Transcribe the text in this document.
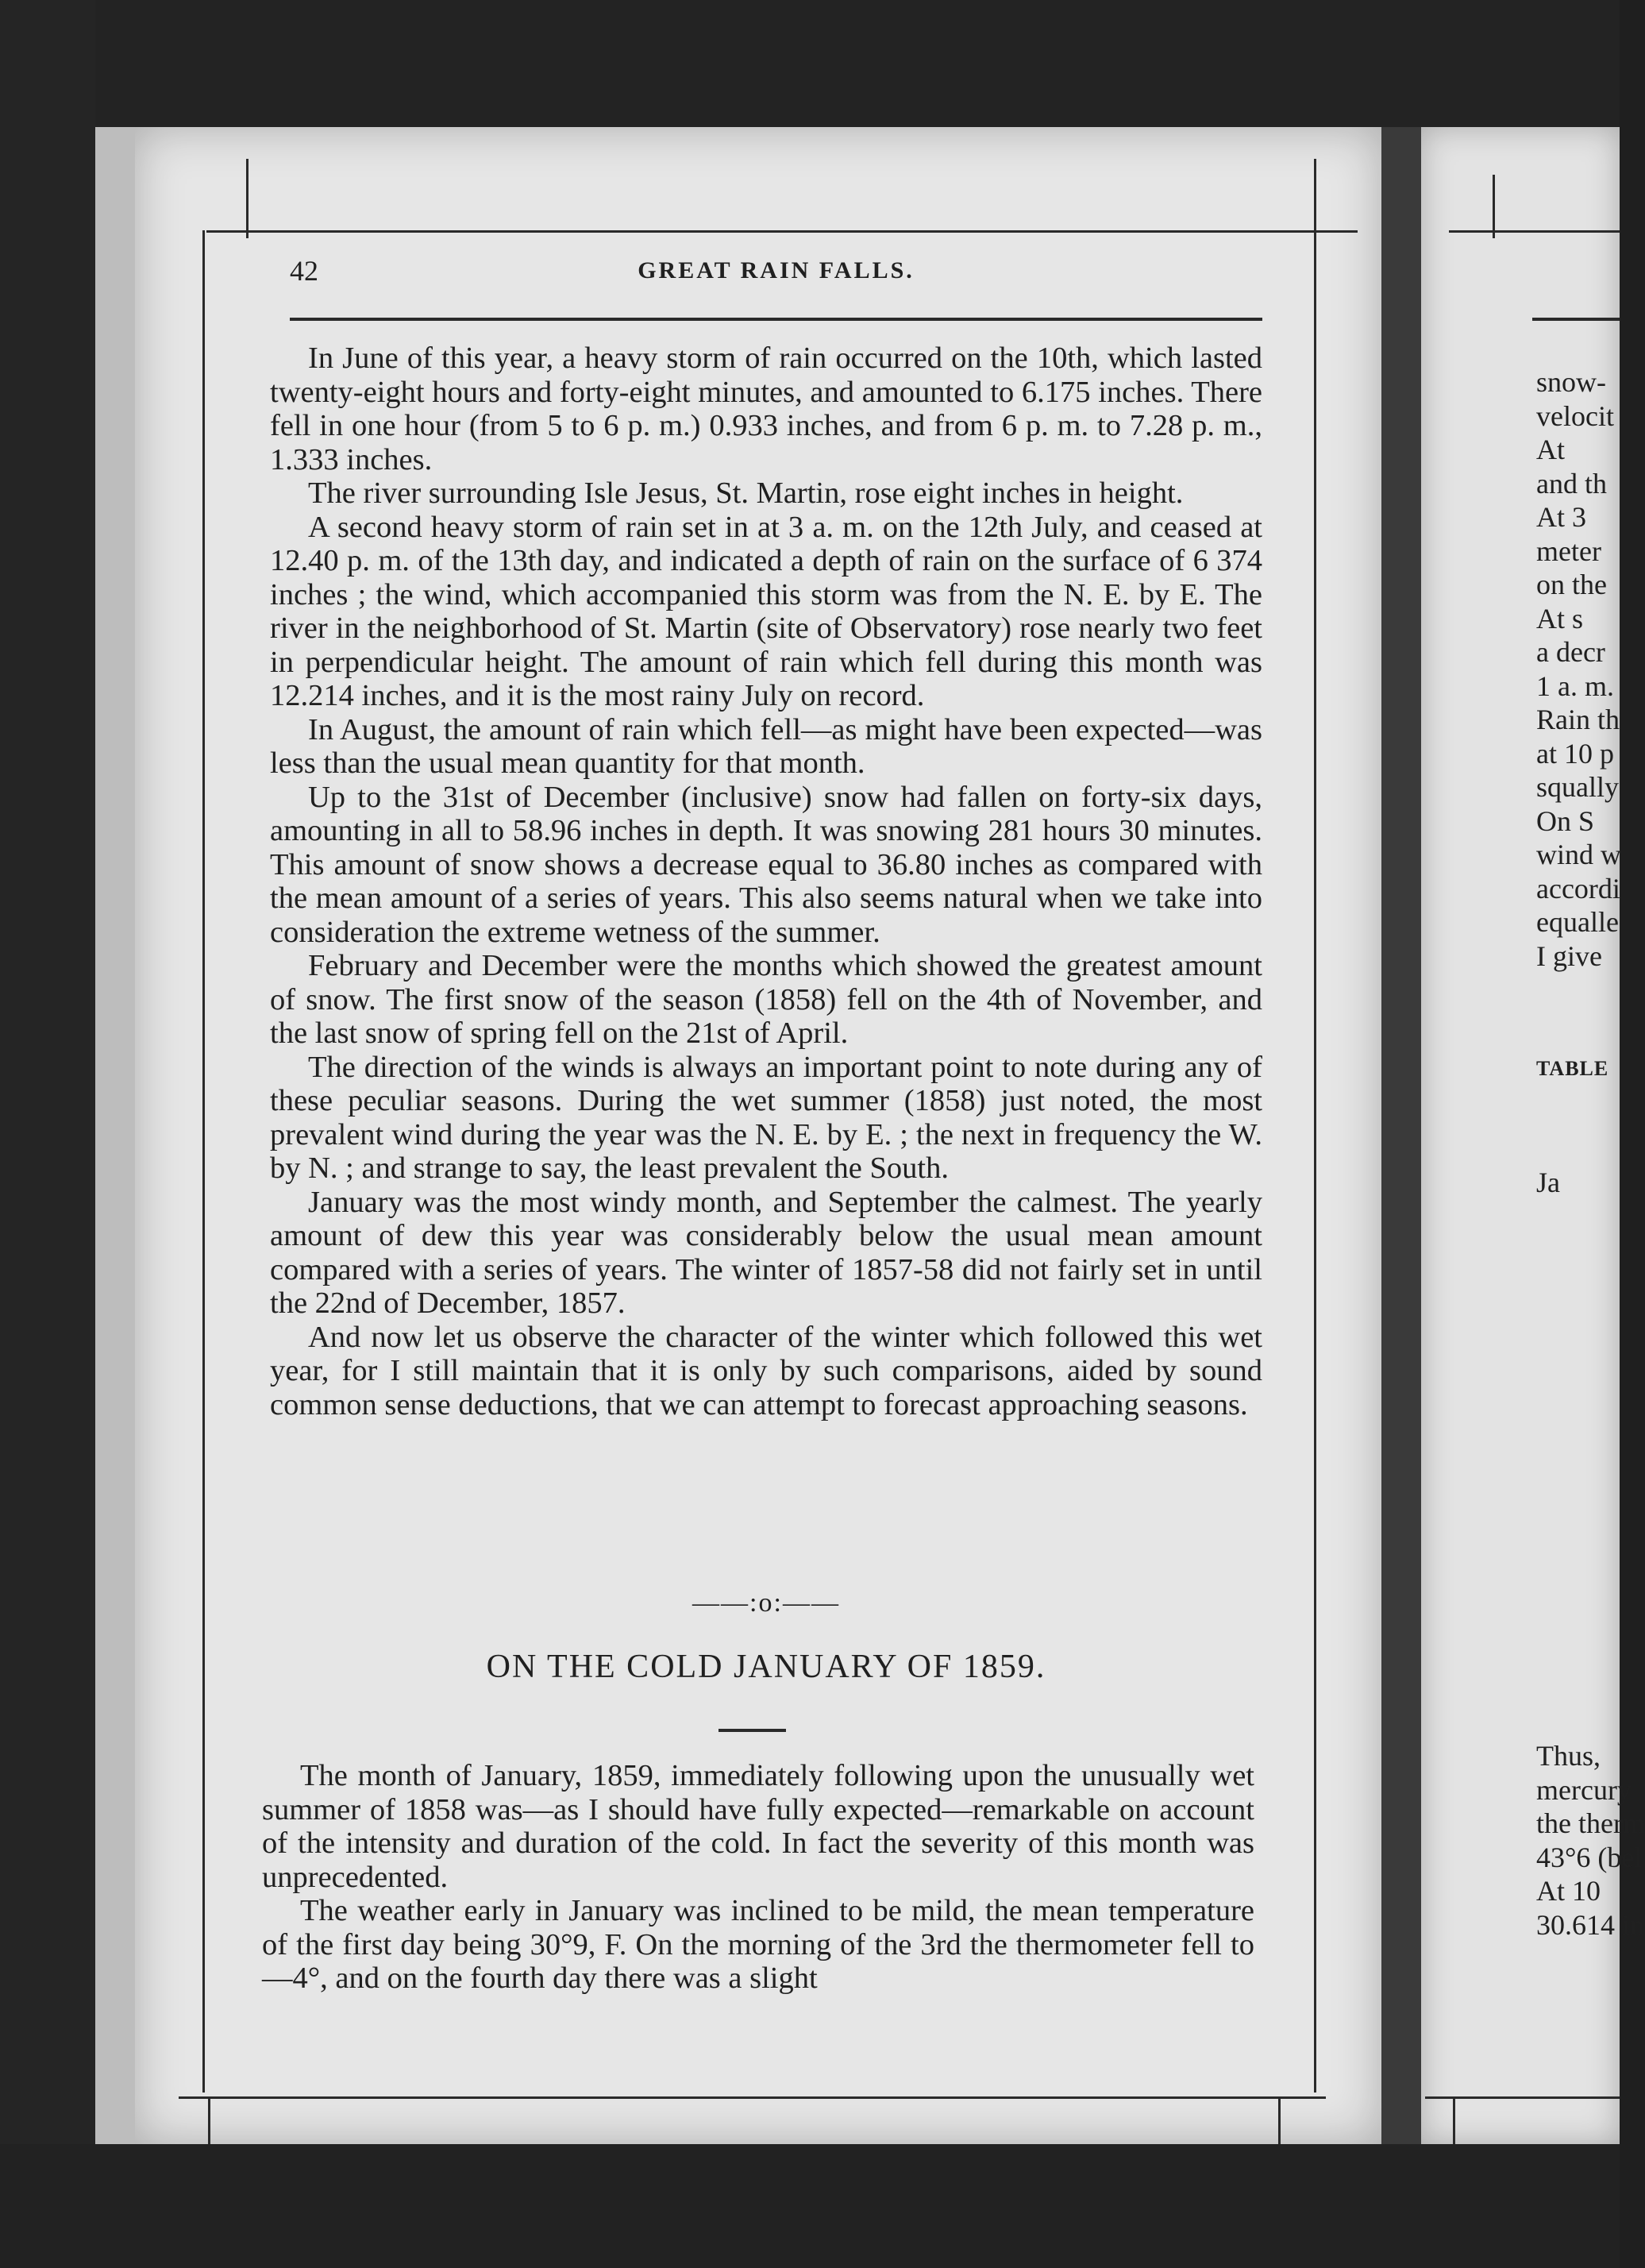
42	GREAT RAIN FALLS.

In June of this year, a heavy storm of rain occurred on the 10th, which lasted twenty-eight hours and forty-eight minutes, and amounted to 6.175 inches. There fell in one hour (from 5 to 6 p. m.) 0.933 inches, and from 6 p. m. to 7.28 p. m., 1.333 inches.

The river surrounding Isle Jesus, St. Martin, rose eight inches in height.

A second heavy storm of rain set in at 3 a. m. on the 12th July, and ceased at 12.40 p. m. of the 13th day, and indicated a depth of rain on the surface of 6 374 inches ; the wind, which accompanied this storm was from the N. E. by E. The river in the neighborhood of St. Martin (site of Observatory) rose nearly two feet in perpendicular height. The amount of rain which fell during this month was 12.214 inches, and it is the most rainy July on record.

In August, the amount of rain which fell—as might have been expected—was less than the usual mean quantity for that month.

Up to the 31st of December (inclusive) snow had fallen on forty-six days, amounting in all to 58.96 inches in depth. It was snowing 281 hours 30 minutes. This amount of snow shows a decrease equal to 36.80 inches as compared with the mean amount of a series of years. This also seems natural when we take into consideration the extreme wetness of the summer.

February and December were the months which showed the greatest amount of snow. The first snow of the season (1858) fell on the 4th of November, and the last snow of spring fell on the 21st of April.

The direction of the winds is always an important point to note during any of these peculiar seasons. During the wet summer (1858) just noted, the most prevalent wind during the year was the N. E. by E. ; the next in frequency the W. by N. ; and strange to say, the least prevalent the South.

January was the most windy month, and September the calmest. The yearly amount of dew this year was considerably below the usual mean amount compared with a series of years. The winter of 1857-58 did not fairly set in until the 22nd of December, 1857.

And now let us observe the character of the winter which followed this wet year, for I still maintain that it is only by such comparisons, aided by sound common sense deductions, that we can attempt to forecast approaching seasons.

——:o:——
ON THE COLD JANUARY OF 1859.

The month of January, 1859, immediately following upon the unusually wet summer of 1858 was—as I should have fully expected—remarkable on account of the intensity and duration of the cold. In fact the severity of this month was unprecedented.

The weather early in January was inclined to be mild, the mean temperature of the first day being 30°9, F. On the morning of the 3rd the thermometer fell to —4°, and on the fourth day there was a slight

snow-
velocit
At
and th
At 3
meter
on the
At s
a decr
1 a. m.
Rain th
at 10 p
squally
On S
wind w
accordi
equalle
I give
TABLE
Ja
Thus,
mercury
the therm
43°6 (bel
At 10
30.614 in
